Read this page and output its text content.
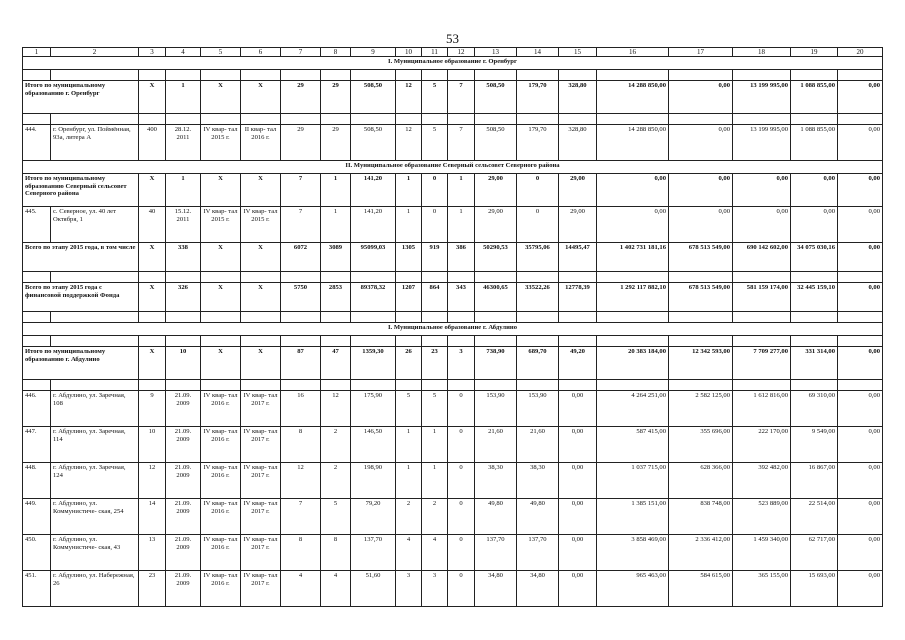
53
1	2	3	4	5	6	7	8	9	10	11	12	13	14	15	16	17	18	19	20
I. Муниципальное образование г. Оренбург																			

Итого по муниципальному образованию г. Оренбург		X	1	X	X	29	29	508,50	12	5	7	508,50	179,70	328,80	14 288 850,00	0,00	13 199 995,00	1 088 855,00	0,00

444.	г. Оренбург, ул. Поймённая, 93а, литера А	400	28.12. 2011	IV квар- тал 2015 г.	II квар- тал 2016 г.	29	29	508,50	12	5	7	508,50	179,70	328,80	14 288 850,00	0,00	13 199 995,00	1 088 855,00	0,00
II. Муниципальное образование Северный сельсовет Северного района																			
Итого по муниципальному образованию Северный сельсовет Северного района		X	1	X	X	7	1	141,20	1	0	1	29,00	0	29,00	0,00	0,00	0,00	0,00	0,00
445.	с. Северное, ул. 40 лет Октября, 1	40	15.12. 2011	IV квар- тал 2015 г.	IV квар- тал 2015 г.	7	1	141,20	1	0	1	29,00	0	29,00	0,00	0,00	0,00	0,00	0,00
Всего по этапу 2015 года, в том числе		X	338	X	X	6072	3089	95099,03	1305	919	386	50290,53	35795,06	14495,47	1 402 731 181,16	678 513 549,00	690 142 602,00	34 075 030,16	0,00

Всего по этапу 2015 года с финансовой поддержкой Фонда		X	326	X	X	5750	2853	89378,32	1207	864	343	46300,65	33522,26	12778,39	1 292 117 882,10	678 513 549,00	581 159 174,00	32 445 159,10	0,00

I. Муниципальное образование г. Абдулино																			

Итого по муниципальному образованию г. Абдулино		X	10	X	X	87	47	1359,30	26	23	3	738,90	689,70	49,20	20 383 184,00	12 342 593,00	7 709 277,00	331 314,00	0,00

446.	г. Абдулино, ул. Заречная, 108	9	21.09. 2009	IV квар- тал 2016 г.	IV квар- тал 2017 г.	16	12	175,90	5	5	0	153,90	153,90	0,00	4 264 251,00	2 582 125,00	1 612 816,00	69 310,00	0,00
447.	г. Абдулино, ул. Заречная, 114	10	21.09. 2009	IV квар- тал 2016 г.	IV квар- тал 2017 г.	8	2	146,50	1	1	0	21,60	21,60	0,00	587 415,00	355 696,00	222 170,00	9 549,00	0,00
448.	г. Абдулино, ул. Заречная, 124	12	21.09. 2009	IV квар- тал 2016 г.	IV квар- тал 2017 г.	12	2	198,90	1	1	0	38,30	38,30	0,00	1 037 715,00	628 366,00	392 482,00	16 867,00	0,00
449.	г. Абдулино, ул. Коммунистиче- ская, 254	14	21.09. 2009	IV квар- тал 2016 г.	IV квар- тал 2017 г.	7	5	79,20	2	2	0	49,80	49,80	0,00	1 385 151,00	838 748,00	523 889,00	22 514,00	0,00
450.	г. Абдулино, ул. Коммунистиче- ская, 43	13	21.09. 2009	IV квар- тал 2016 г.	IV квар- тал 2017 г.	8	8	137,70	4	4	0	137,70	137,70	0,00	3 858 469,00	2 336 412,00	1 459 340,00	62 717,00	0,00
451.	г. Абдулино, ул. Набережная, 26	23	21.09. 2009	IV квар- тал 2016 г.	IV квар- тал 2017 г.	4	4	51,60	3	3	0	34,80	34,80	0,00	965 463,00	584 615,00	365 155,00	15 693,00	0,00
